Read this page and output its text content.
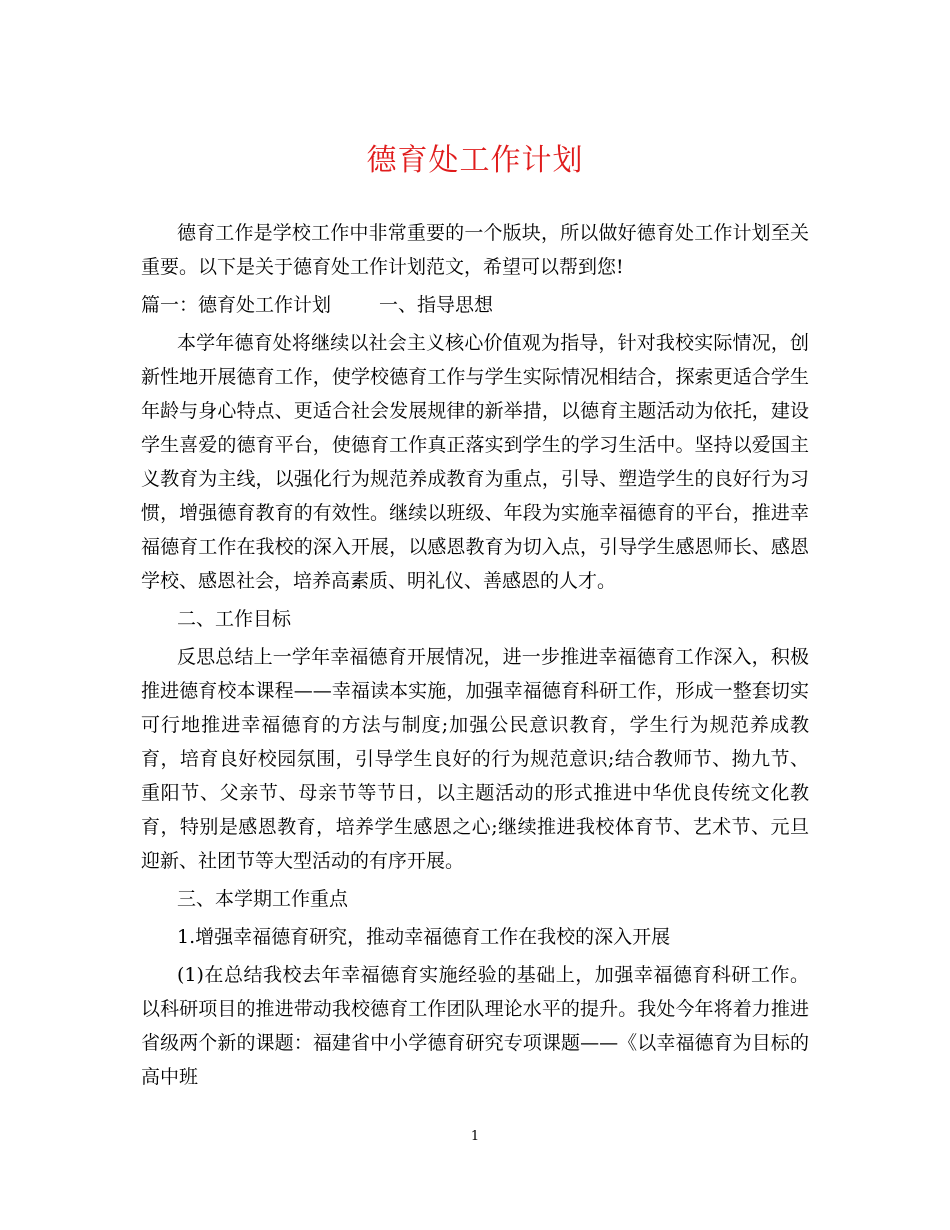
德育处工作计划

德育工作是学校工作中非常重要的一个版块，所以做好德育处工作计划至关重要。以下是关于德育处工作计划范文，希望可以帮到您!

篇一：德育处工作计划	一、指导思想

本学年德育处将继续以社会主义核心价值观为指导，针对我校实际情况，创新性地开展德育工作，使学校德育工作与学生实际情况相结合，探索更适合学生年龄与身心特点、更适合社会发展规律的新举措，以德育主题活动为依托，建设学生喜爱的德育平台，使德育工作真正落实到学生的学习生活中。坚持以爱国主义教育为主线，以强化行为规范养成教育为重点，引导、塑造学生的良好行为习惯，增强德育教育的有效性。继续以班级、年段为实施幸福德育的平台，推进幸福德育工作在我校的深入开展，以感恩教育为切入点，引导学生感恩师长、感恩学校、感恩社会，培养高素质、明礼仪、善感恩的人才。

二、工作目标

反思总结上一学年幸福德育开展情况，进一步推进幸福德育工作深入，积极推进德育校本课程——幸福读本实施，加强幸福德育科研工作，形成一整套切实可行地推进幸福德育的方法与制度;加强公民意识教育，学生行为规范养成教育，培育良好校园氛围，引导学生良好的行为规范意识;结合教师节、拗九节、重阳节、父亲节、母亲节等节日，以主题活动的形式推进中华优良传统文化教育，特别是感恩教育，培养学生感恩之心;继续推进我校体育节、艺术节、元旦迎新、社团节等大型活动的有序开展。

三、本学期工作重点

1.增强幸福德育研究，推动幸福德育工作在我校的深入开展

(1)在总结我校去年幸福德育实施经验的基础上，加强幸福德育科研工作。以科研项目的推进带动我校德育工作团队理论水平的提升。我处今年将着力推进省级两个新的课题：福建省中小学德育研究专项课题——《以幸福德育为目标的高中班

1
